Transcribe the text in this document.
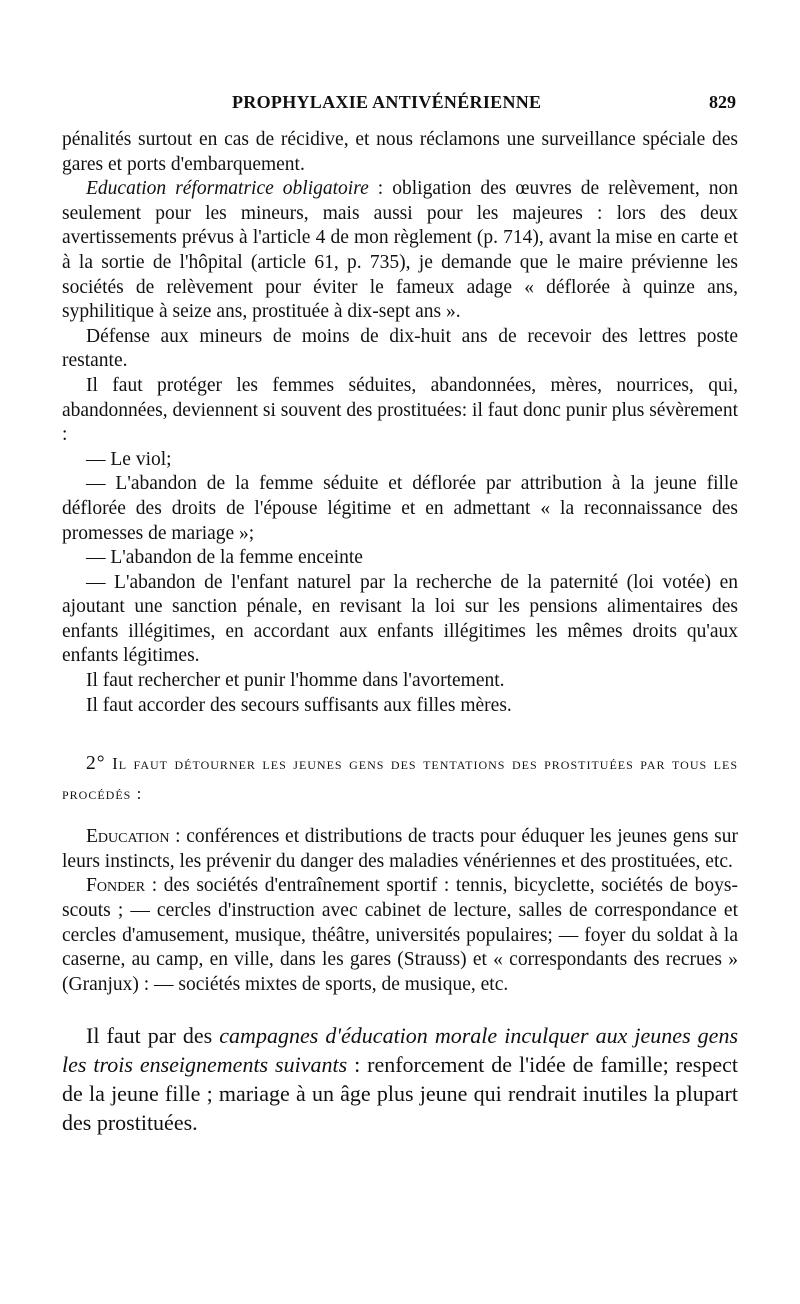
PROPHYLAXIE ANTIVÉNÉRIENNE	829

pénalités surtout en cas de récidive, et nous réclamons une surveillance spéciale des gares et ports d'embarquement.

Education réformatrice obligatoire : obligation des œuvres de relèvement, non seulement pour les mineurs, mais aussi pour les majeures : lors des deux avertissements prévus à l'article 4 de mon règlement (p. 714), avant la mise en carte et à la sortie de l'hôpital (article 61, p. 735), je demande que le maire prévienne les sociétés de relèvement pour éviter le fameux adage « déflorée à quinze ans, syphilitique à seize ans, prostituée à dix-sept ans ».

Défense aux mineurs de moins de dix-huit ans de recevoir des lettres poste restante.

Il faut protéger les femmes séduites, abandonnées, mères, nourrices, qui, abandonnées, deviennent si souvent des prostituées: il faut donc punir plus sévèrement :

— Le viol;

— L'abandon de la femme séduite et déflorée par attribution à la jeune fille déflorée des droits de l'épouse légitime et en admettant « la reconnaissance des promesses de mariage »;

— L'abandon de la femme enceinte

— L'abandon de l'enfant naturel par la recherche de la paternité (loi votée) en ajoutant une sanction pénale, en revisant la loi sur les pensions alimentaires des enfants illégitimes, en accordant aux enfants illégitimes les mêmes droits qu'aux enfants légitimes.

Il faut rechercher et punir l'homme dans l'avortement.

Il faut accorder des secours suffisants aux filles mères.

2° Il faut détourner les jeunes gens des tentations des prostituées par tous les procédés :

Education : conférences et distributions de tracts pour éduquer les jeunes gens sur leurs instincts, les prévenir du danger des maladies vénériennes et des prostituées, etc.

Fonder : des sociétés d'entraînement sportif : tennis, bicyclette, sociétés de boys-scouts ; — cercles d'instruction avec cabinet de lecture, salles de correspondance et cercles d'amusement, musique, théâtre, universités populaires; — foyer du soldat à la caserne, au camp, en ville, dans les gares (Strauss) et « correspondants des recrues » (Granjux) : — sociétés mixtes de sports, de musique, etc.

Il faut par des campagnes d'éducation morale inculquer aux jeunes gens les trois enseignements suivants : renforcement de l'idée de famille; respect de la jeune fille ; mariage à un âge plus jeune qui rendrait inutiles la plupart des prostituées.
